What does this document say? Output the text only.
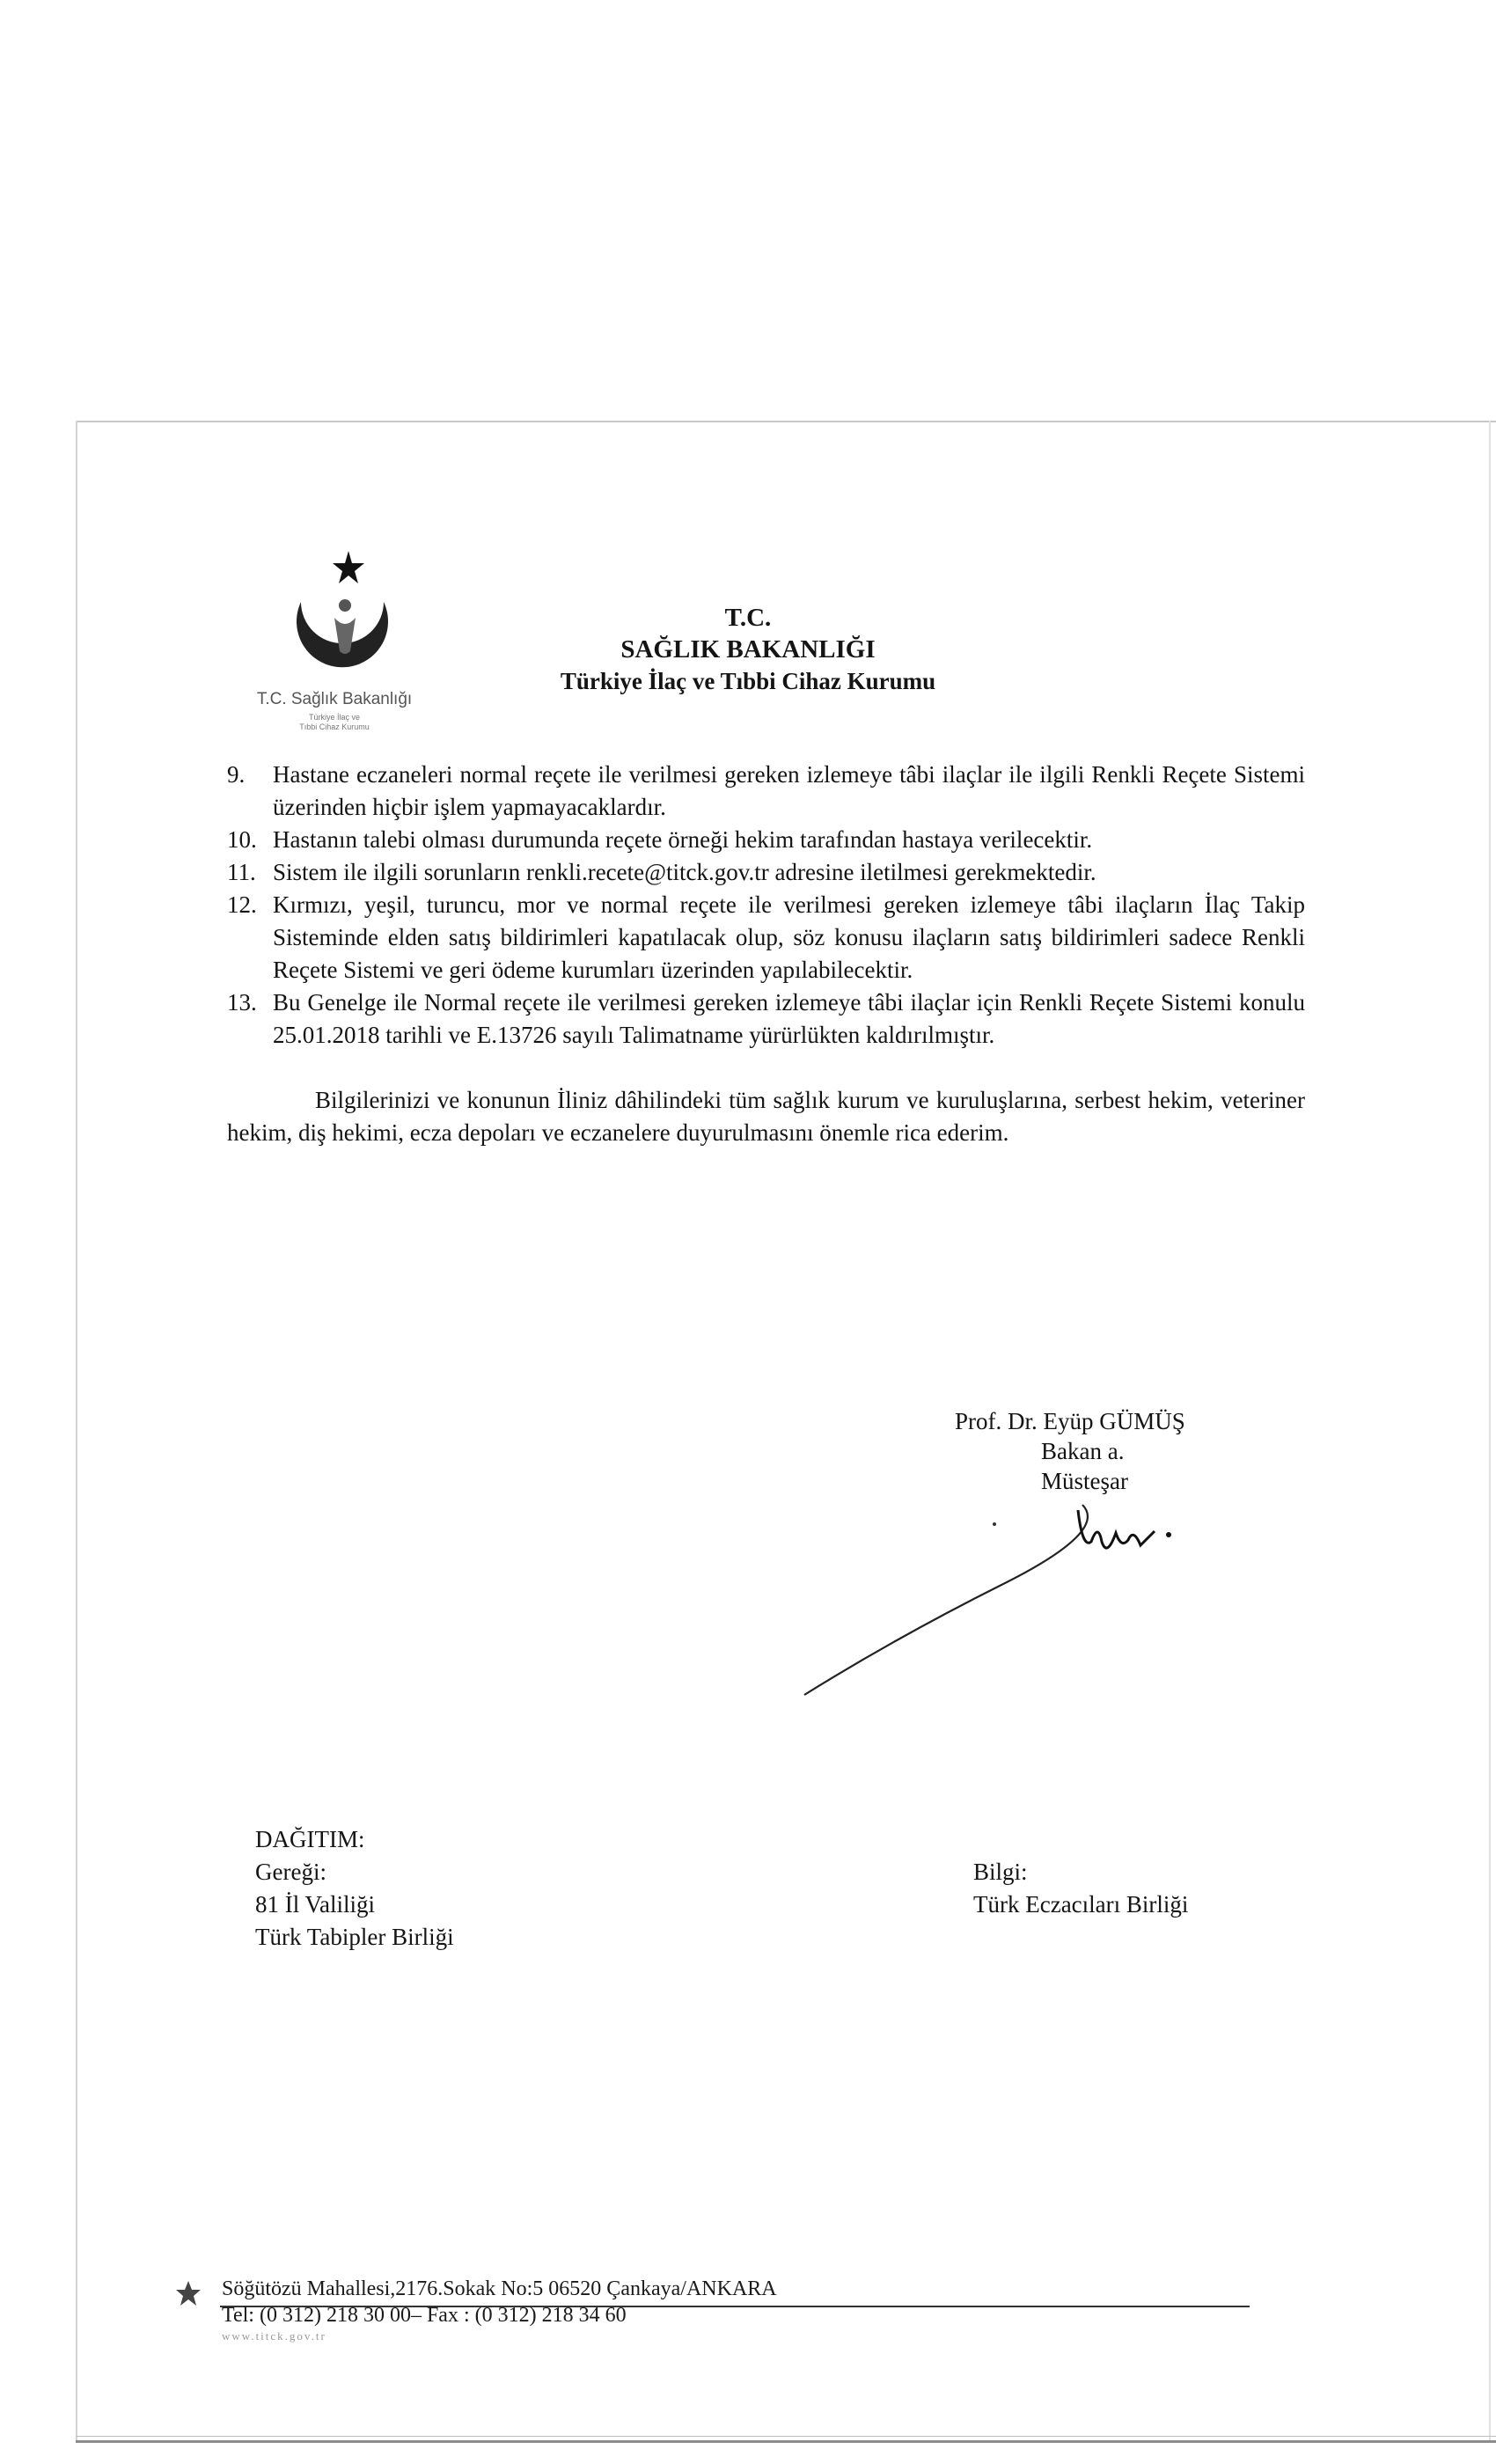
T.C. Sağlık Bakanlığı
Türkiye İlaç ve
Tıbbi Cihaz Kurumu
T.C.
SAĞLIK BAKANLIĞI
Türkiye İlaç ve Tıbbi Cihaz Kurumu
9. Hastane eczaneleri normal reçete ile verilmesi gereken izlemeye tâbi ilaçlar ile ilgili Renkli Reçete Sistemi üzerinden hiçbir işlem yapmayacaklardır.
10. Hastanın talebi olması durumunda reçete örneği hekim tarafından hastaya verilecektir.
11. Sistem ile ilgili sorunların renkli.recete@titck.gov.tr adresine iletilmesi gerekmektedir.
12. Kırmızı, yeşil, turuncu, mor ve normal reçete ile verilmesi gereken izlemeye tâbi ilaçların İlaç Takip Sisteminde elden satış bildirimleri kapatılacak olup, söz konusu ilaçların satış bildirimleri sadece Renkli Reçete Sistemi ve geri ödeme kurumları üzerinden yapılabilecektir.
13. Bu Genelge ile Normal reçete ile verilmesi gereken izlemeye tâbi ilaçlar için Renkli Reçete Sistemi konulu 25.01.2018 tarihli ve E.13726 sayılı Talimatname yürürlükten kaldırılmıştır.
Bilgilerinizi ve konunun İliniz dâhilindeki tüm sağlık kurum ve kuruluşlarına, serbest hekim, veteriner hekim, diş hekimi, ecza depoları ve eczanelere duyurulmasını önemle rica ederim.
Prof. Dr. Eyüp GÜMÜŞ
Bakan a.
Müsteşar
DAĞITIM:
Gereği:
81 İl Valiliği
Türk Tabipler Birliği
Bilgi:
Türk Eczacıları Birliği
Söğütözü Mahallesi,2176.Sokak No:5 06520 Çankaya/ANKARA
Tel: (0 312) 218 30 00– Fax : (0 312) 218 34 60
www.titck.gov.tr
